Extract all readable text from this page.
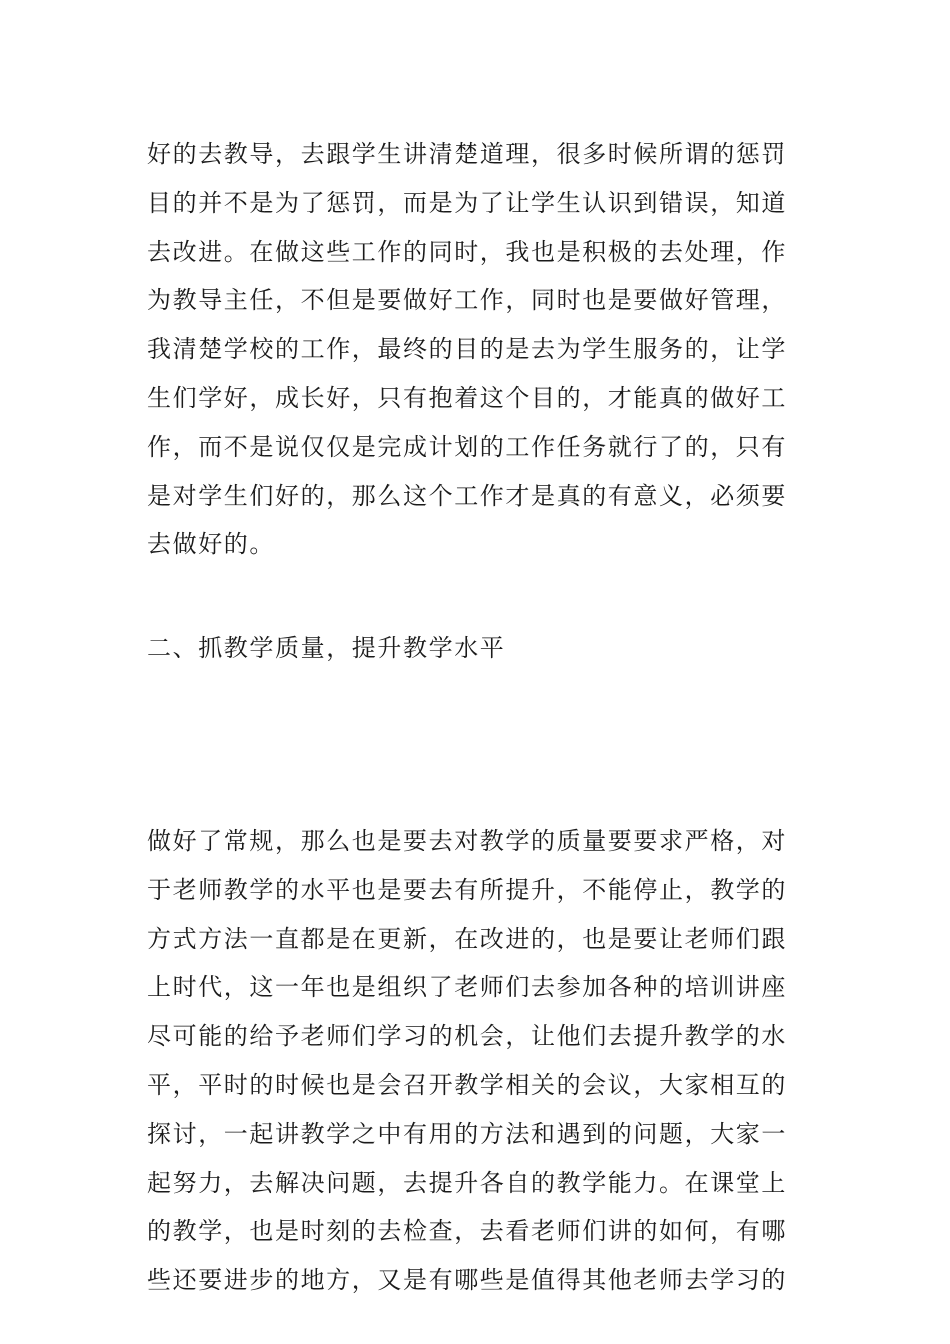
好的去教导，去跟学生讲清楚道理，很多时候所谓的惩罚
目的并不是为了惩罚，而是为了让学生认识到错误，知道
去改进。在做这些工作的同时，我也是积极的去处理，作
为教导主任，不但是要做好工作，同时也是要做好管理，
我清楚学校的工作，最终的目的是去为学生服务的，让学
生们学好，成长好，只有抱着这个目的，才能真的做好工
作，而不是说仅仅是完成计划的工作任务就行了的，只有
是对学生们好的，那么这个工作才是真的有意义，必须要
去做好的。
二、抓教学质量，提升教学水平
做好了常规，那么也是要去对教学的质量要要求严格，对
于老师教学的水平也是要去有所提升，不能停止，教学的
方式方法一直都是在更新，在改进的，也是要让老师们跟
上时代，这一年也是组织了老师们去参加各种的培训讲座
尽可能的给予老师们学习的机会，让他们去提升教学的水
平，平时的时候也是会召开教学相关的会议，大家相互的
探讨，一起讲教学之中有用的方法和遇到的问题，大家一
起努力，去解决问题，去提升各自的教学能力。在课堂上
的教学，也是时刻的去检查，去看老师们讲的如何，有哪
些还要进步的地方，又是有哪些是值得其他老师去学习的
